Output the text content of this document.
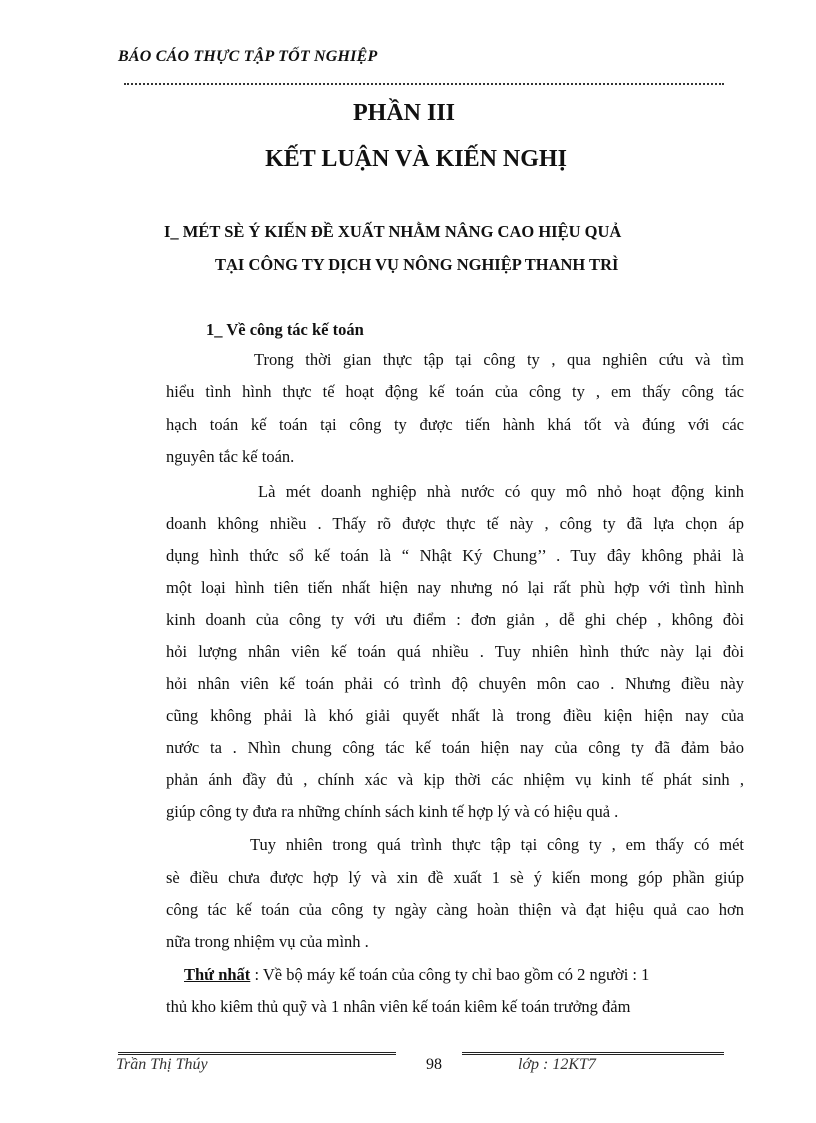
BÁO CÁO THỰC TẬP TỐT NGHIỆP
PHẦN III
KẾT LUẬN VÀ KIẾN NGHỊ
I_ MÉT SÈ Ý KIẾN ĐỀ XUẤT NHẰM NÂNG CAO HIỆU QUẢ
TẠI CÔNG TY DỊCH VỤ NÔNG NGHIỆP THANH TRÌ
1_ Về công tác kế toán
Trong thời gian thực tập tại công ty , qua nghiên cứu và tìm
hiểu tình hình thực tế hoạt động kế toán của công ty , em thấy công tác
hạch toán kế toán tại công ty được tiến hành khá tốt và đúng với các
nguyên tắc kế toán.
Là mét doanh nghiệp nhà nước có quy mô nhỏ hoạt động kinh
doanh không nhiều . Thấy rõ được thực tế này , công ty đã lựa chọn áp
dụng hình thức sổ kế toán là “ Nhật Ký Chung’’ . Tuy đây không phải là
một loại hình tiên tiến nhất hiện nay nhưng nó lại rất phù hợp với tình hình
kinh doanh của công ty với ưu điểm : đơn giản , dễ ghi chép , không đòi
hỏi lượng nhân viên kế toán quá nhiều . Tuy nhiên hình thức này lại đòi
hỏi nhân viên kế toán phải có trình độ chuyên môn cao . Nhưng điều này
cũng không phải là khó giải quyết nhất là trong điều kiện hiện nay của
nước ta . Nhìn chung công tác kế toán hiện nay của công ty đã đảm bảo
phản ánh đầy đủ , chính xác và kịp thời các nhiệm vụ kinh tế phát sinh ,
giúp công ty đưa ra những chính sách kinh tế hợp lý và có hiệu quả .
Tuy nhiên trong quá trình thực tập tại công ty , em thấy có mét
sè điều chưa được hợp lý và xin đề xuất 1 sè ý kiến mong góp phần giúp
công tác kế toán của công ty ngày càng hoàn thiện và đạt hiệu quả cao hơn
nữa trong nhiệm vụ của mình .
Thứ nhất : Về bộ máy kế toán của công ty chỉ bao gồm có 2 người : 1
thủ kho kiêm thủ quỹ và 1 nhân viên kế toán kiêm kế toán trưởng đảm
Trần Thị Thúy	98	lớp : 12KT7
